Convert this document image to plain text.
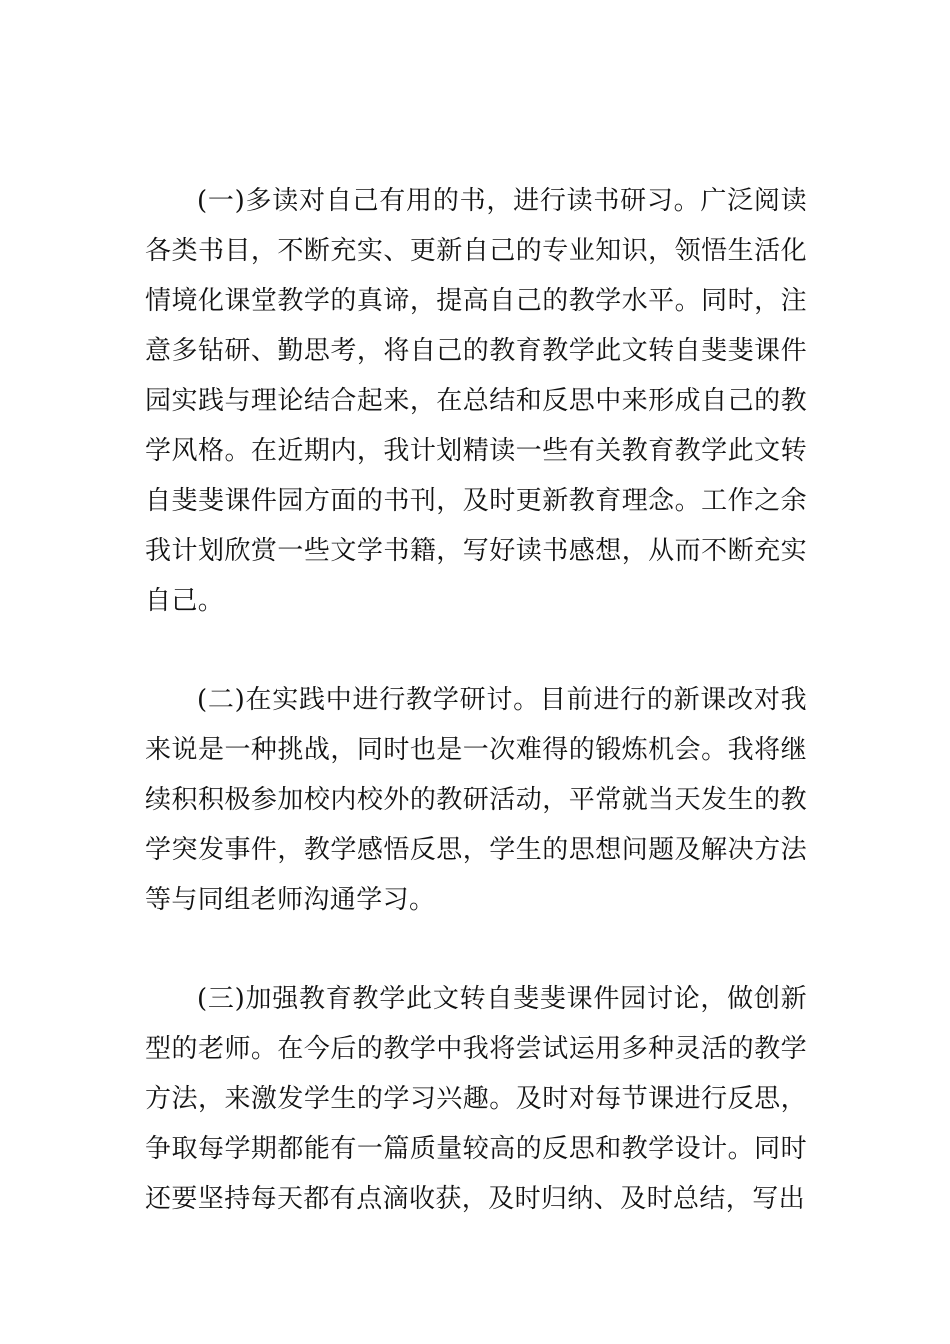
(一)多读对自己有用的书，进行读书研习。广泛阅读各类书目，不断充实、更新自己的专业知识，领悟生活化情境化课堂教学的真谛，提高自己的教学水平。同时，注意多钻研、勤思考，将自己的教育教学此文转自斐斐课件园实践与理论结合起来，在总结和反思中来形成自己的教学风格。在近期内，我计划精读一些有关教育教学此文转自斐斐课件园方面的书刊，及时更新教育理念。工作之余我计划欣赏一些文学书籍，写好读书感想，从而不断充实自己。

(二)在实践中进行教学研讨。目前进行的新课改对我来说是一种挑战，同时也是一次难得的锻炼机会。我将继续积积极参加校内校外的教研活动，平常就当天发生的教学突发事件，教学感悟反思，学生的思想问题及解决方法等与同组老师沟通学习。

(三)加强教育教学此文转自斐斐课件园讨论，做创新型的老师。在今后的教学中我将尝试运用多种灵活的教学方法，来激发学生的学习兴趣。及时对每节课进行反思，争取每学期都能有一篇质量较高的反思和教学设计。同时还要坚持每天都有点滴收获，及时归纳、及时总结，写出
